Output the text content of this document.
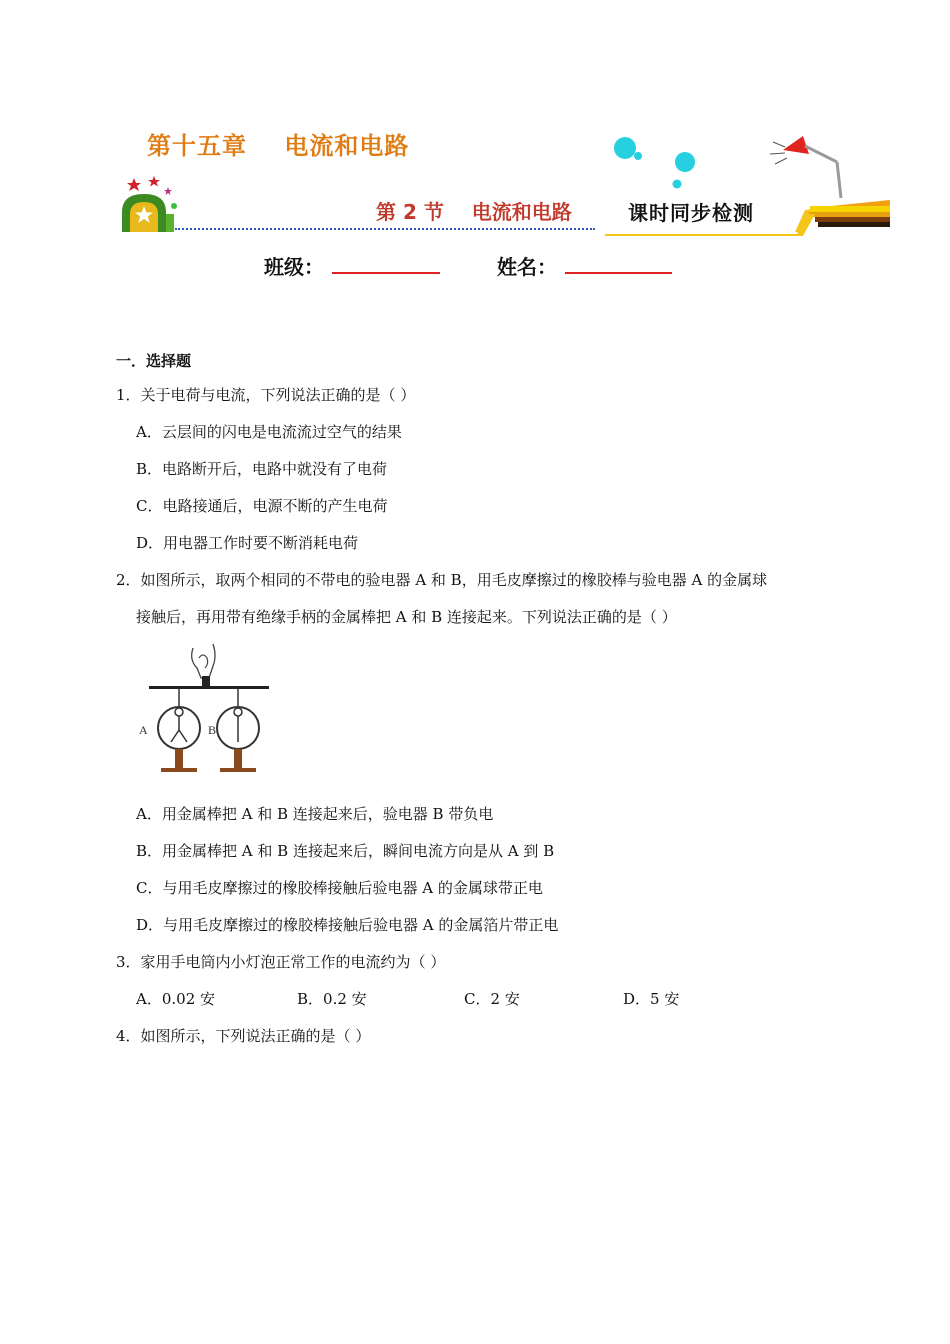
第十五章    电流和电路
第 2 节    电流和电路	课时同步检测
班级：	姓名：
一．选择题
1．关于电荷与电流，下列说法正确的是（ ）
A．云层间的闪电是电流流过空气的结果
B．电路断开后，电路中就没有了电荷
C．电路接通后，电源不断的产生电荷
D．用电器工作时要不断消耗电荷
2．如图所示，取两个相同的不带电的验电器 A 和 B，用毛皮摩擦过的橡胶棒与验电器 A 的金属球
接触后，再用带有绝缘手柄的金属棒把 A 和 B 连接起来。下列说法正确的是（ ）
A	B
A．用金属棒把 A 和 B 连接起来后，验电器 B 带负电
B．用金属棒把 A 和 B 连接起来后，瞬间电流方向是从 A 到 B
C．与用毛皮摩擦过的橡胶棒接触后验电器 A 的金属球带正电
D．与用毛皮摩擦过的橡胶棒接触后验电器 A 的金属箔片带正电
3．家用手电筒内小灯泡正常工作的电流约为（ ）
A．0.02 安	B．0.2 安	C．2 安	D．5 安
4．如图所示，下列说法正确的是（ ）
